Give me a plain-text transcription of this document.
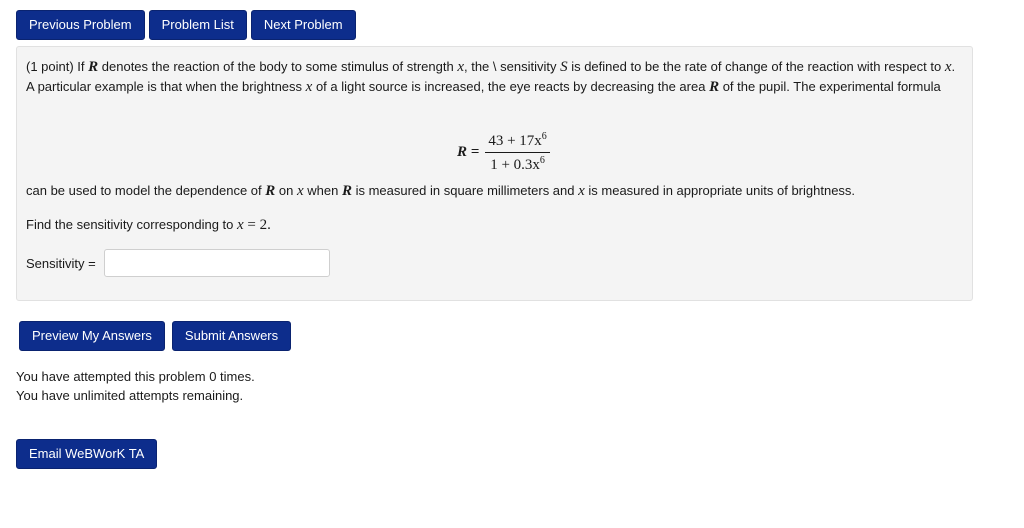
Previous Problem	Problem List	Next Problem

(1 point) If R denotes the reaction of the body to some stimulus of strength x, the \ sensitivity S is defined to be the rate of change of the reaction with respect to x. A particular example is that when the brightness x of a light source is increased, the eye reacts by decreasing the area R of the pupil. The experimental formula

$R = \frac{43 + 17x^6}{1 + 0.3x^6}$
can be used to model the dependence of R on x when R is measured in square millimeters and x is measured in appropriate units of brightness.
Find the sensitivity corresponding to x = 2.
Sensitivity =
Preview My Answers	Submit Answers
You have attempted this problem 0 times.
You have unlimited attempts remaining.
Email WeBWorK TA
